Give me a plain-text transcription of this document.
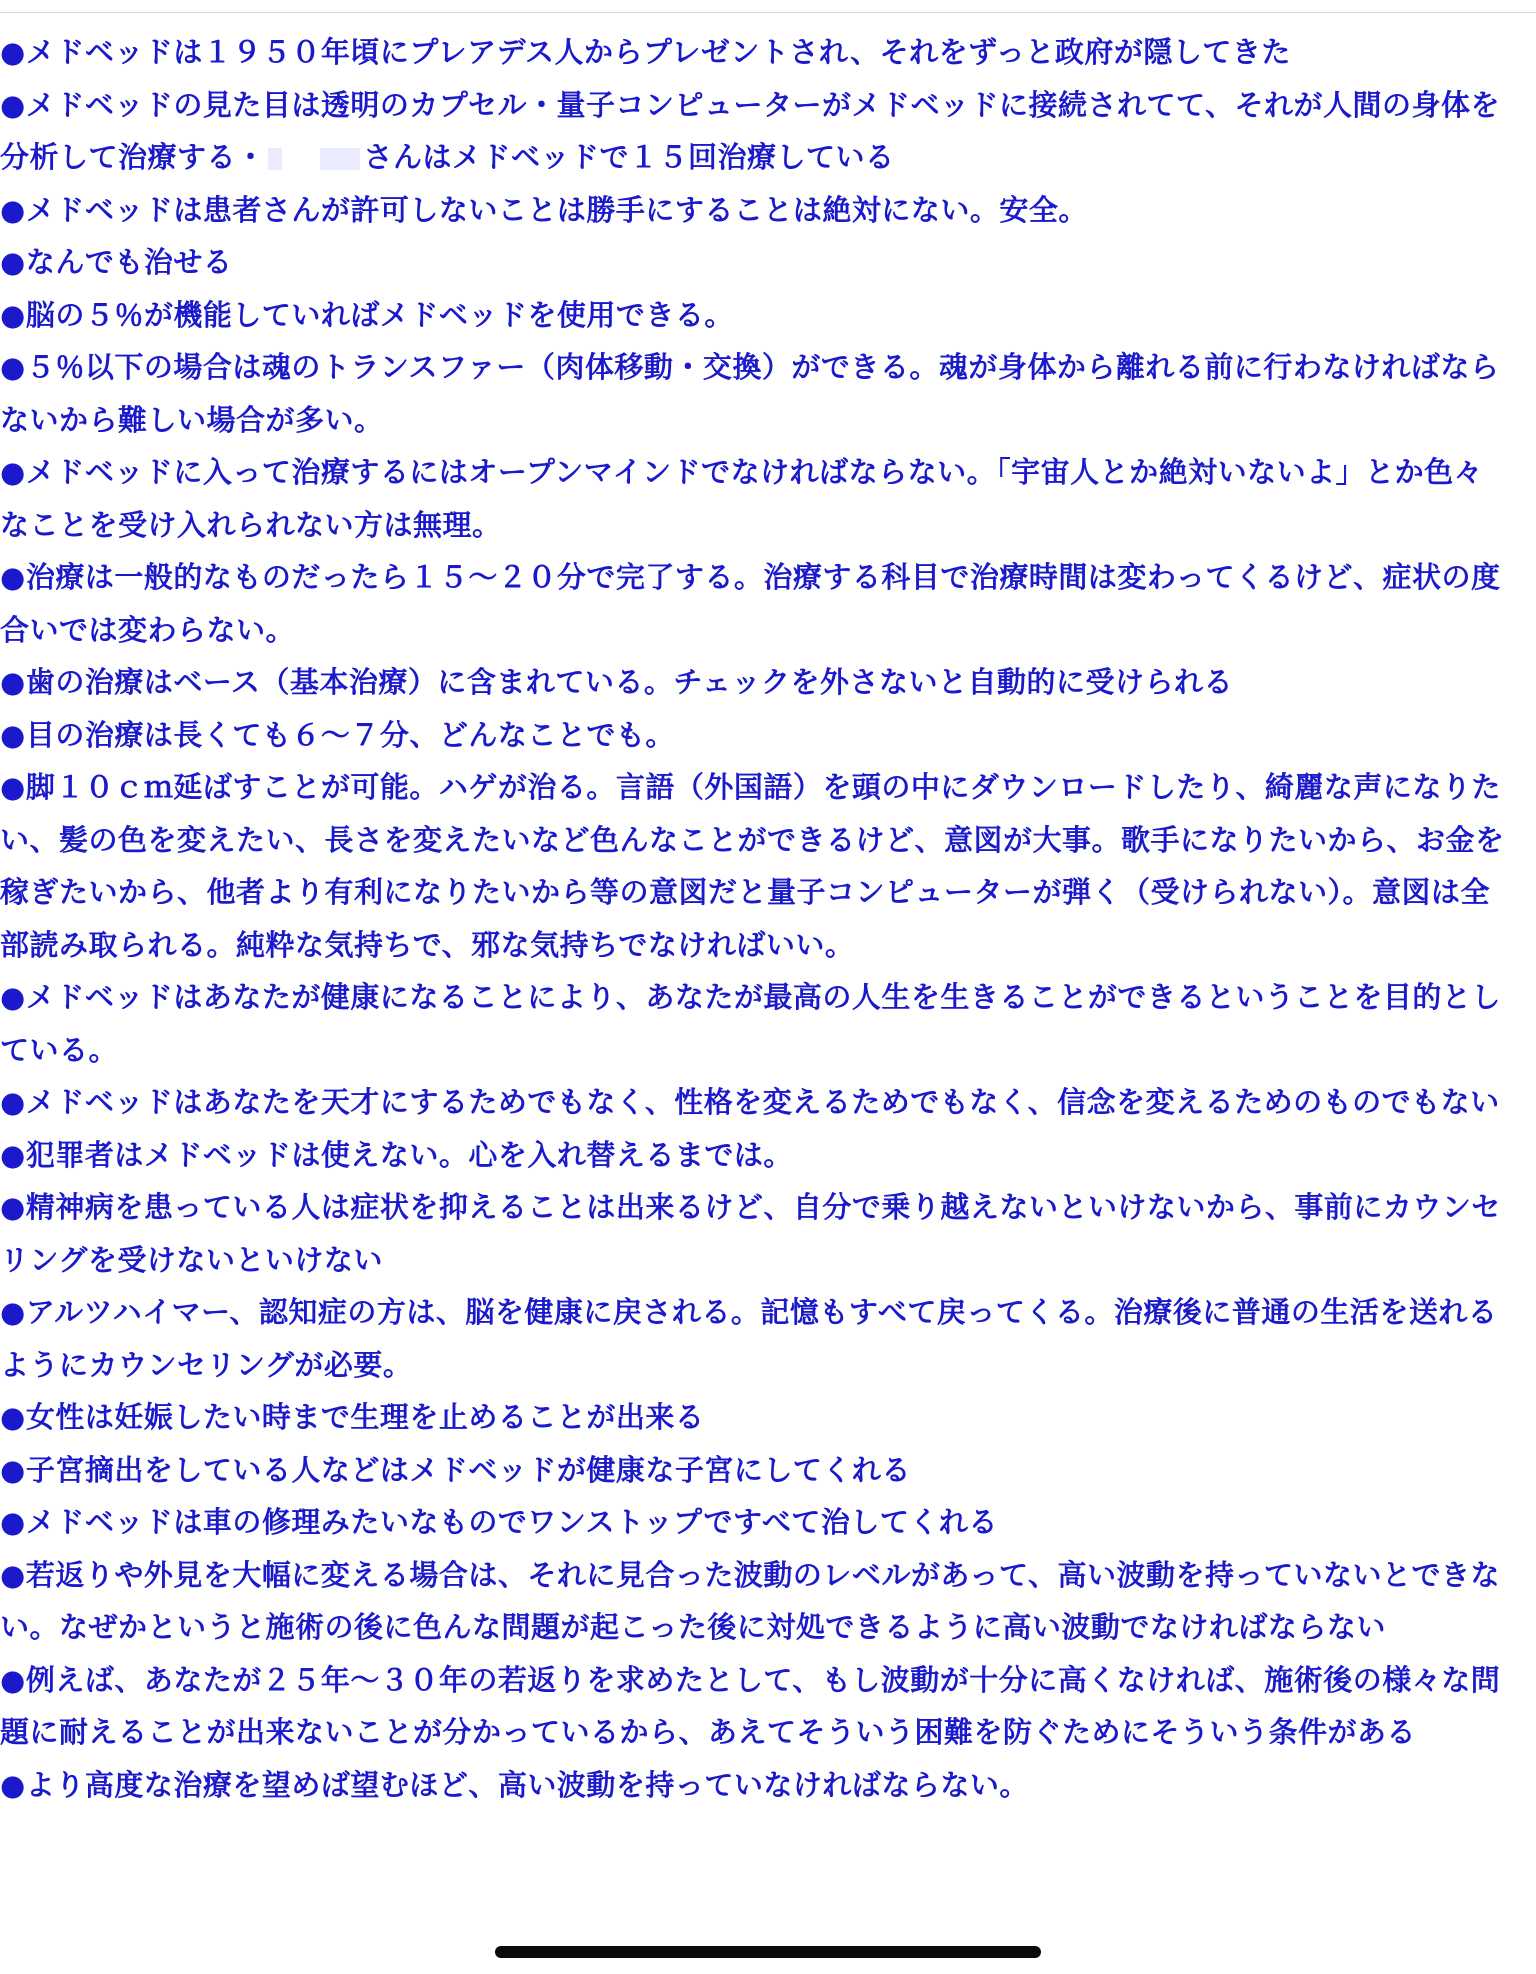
●メドベッドは１９５０年頃にプレアデス人からプレゼントされ、それをずっと政府が隠してきた

●メドベッドの見た目は透明のカプセル・量子コンピューターがメドベッドに接続されてて、それが人間の身体を分析して治療する・	さんはメドベッドで１５回治療している

●メドベッドは患者さんが許可しないことは勝手にすることは絶対にない。安全。

●なんでも治せる

●脳の５％が機能していればメドベッドを使用できる。

●５％以下の場合は魂のトランスファー（肉体移動・交換）ができる。魂が身体から離れる前に行わなければならないから難しい場合が多い。

●メドベッドに入って治療するにはオープンマインドでなければならない。「宇宙人とか絶対いないよ」とか色々なことを受け入れられない方は無理。

●治療は一般的なものだったら１５～２０分で完了する。治療する科目で治療時間は変わってくるけど、症状の度合いでは変わらない。

●歯の治療はベース（基本治療）に含まれている。チェックを外さないと自動的に受けられる

●目の治療は長くても６～７分、どんなことでも。

●脚１０ｃｍ延ばすことが可能。ハゲが治る。言語（外国語）を頭の中にダウンロードしたり、綺麗な声になりたい、髪の色を変えたい、長さを変えたいなど色んなことができるけど、意図が大事。歌手になりたいから、お金を稼ぎたいから、他者より有利になりたいから等の意図だと量子コンピューターが弾く（受けられない）。意図は全部読み取られる。純粋な気持ちで、邪な気持ちでなければいい。

●メドベッドはあなたが健康になることにより、あなたが最高の人生を生きることができるということを目的としている。

●メドベッドはあなたを天才にするためでもなく、性格を変えるためでもなく、信念を変えるためのものでもない

●犯罪者はメドベッドは使えない。心を入れ替えるまでは。

●精神病を患っている人は症状を抑えることは出来るけど、自分で乗り越えないといけないから、事前にカウンセリングを受けないといけない

●アルツハイマー、認知症の方は、脳を健康に戻される。記憶もすべて戻ってくる。治療後に普通の生活を送れるようにカウンセリングが必要。

●女性は妊娠したい時まで生理を止めることが出来る

●子宮摘出をしている人などはメドベッドが健康な子宮にしてくれる

●メドベッドは車の修理みたいなものでワンストップですべて治してくれる

●若返りや外見を大幅に変える場合は、それに見合った波動のレベルがあって、高い波動を持っていないとできない。なぜかというと施術の後に色んな問題が起こった後に対処できるように高い波動でなければならない

●例えば、あなたが２５年～３０年の若返りを求めたとして、もし波動が十分に高くなければ、施術後の様々な問題に耐えることが出来ないことが分かっているから、あえてそういう困難を防ぐためにそういう条件がある

●より高度な治療を望めば望むほど、高い波動を持っていなければならない。
